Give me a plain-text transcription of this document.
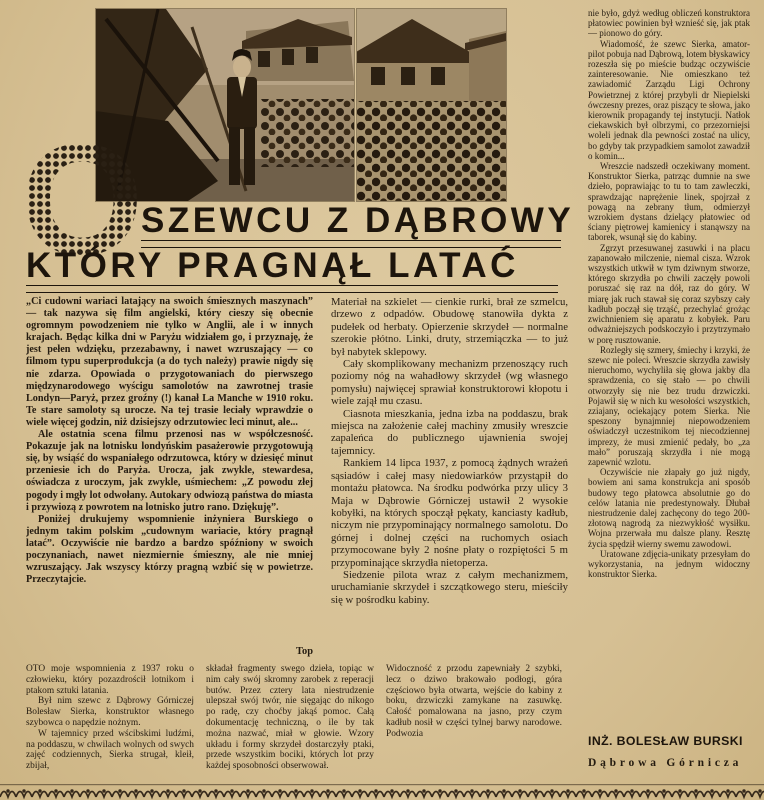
O
SZEWCU Z DĄBROWY
KTÓRY PRAGNĄŁ LATAĆ

„Ci cudowni wariaci latający na swoich śmiesznych maszynach” — tak nazywa się film angielski, który cieszy się obecnie ogromnym powodzeniem nie tylko w Anglii, ale i w innych krajach. Będąc kilka dni w Paryżu widziałem go, i przyznaję, że jest pełen wdzięku, przezabawny, i nawet wzruszający — co filmom typu superprodukcja (a do tych należy) prawie nigdy się nie zdarza. Opowiada o przygotowaniach do pierwszego międzynarodowego wyścigu samolotów na zawrotnej trasie Londyn—Paryż, przez groźny (!) kanał La Manche w 1910 roku. Te stare samoloty są urocze. Na tej trasie leciały wprawdzie o wiele więcej godzin, niż dzisiejszy odrzutowiec leci minut, ale...

Ale ostatnia scena filmu przenosi nas w współczesność. Pokazuje jak na lotnisku londyńskim pasażerowie przygotowują się, by wsiąść do wspaniałego odrzutowca, który w dziesięć minut przeniesie ich do Paryża. Urocza, jak zwykle, stewardesa, oświadcza z uroczym, jak zwykle, uśmiechem: „Z powodu złej pogody i mgły lot odwołany. Autokary odwiozą państwa do miasta i przywiozą z powrotem na lotnisko jutro rano. Dziękuję”.

Poniżej drukujemy wspomnienie inżyniera Burskiego o jednym takim polskim „cudownym wariacie, który pragnął latać”. Oczywiście nie bardzo a bardzo spóźniony w swoich poczynaniach, nawet niezmiernie śmieszny, ale nie mniej wzruszający. Jak wszyscy którzy pragną wzbić się w powietrze. Przeczytajcie.

Top

Materiał na szkielet — cienkie rurki, brał ze szmelcu, drzewo z odpadów. Obudowę stanowiła dykta z pudełek od herbaty. Opierzenie skrzydeł — normalne szerokie płótno. Linki, druty, strzemiączka — to już był nabytek sklepowy.

Cały skomplikowany mechanizm przenoszący ruch poziomy nóg na wahadłowy skrzydeł (wg własnego pomysłu) najwięcej sprawiał konstruktorowi kłopotu i wiele zajął mu czasu.

Ciasnota mieszkania, jedna izba na poddaszu, brak miejsca na założenie całej machiny zmusiły wreszcie zapaleńca do publicznego ujawnienia swojej tajemnicy.

Rankiem 14 lipca 1937, z pomocą żądnych wrażeń sąsiadów i całej masy niedowiarków przystąpił do montażu płatowca. Na środku podwórka przy ulicy 3 Maja w Dąbrowie Górniczej ustawił 2 wysokie kobyłki, na których spoczął pękaty, kanciasty kadłub, niczym nie przypominający normalnego samolotu. Do górnej i dolnej części na ruchomych osiach przymocowane były 2 nośne płaty o rozpiętości 5 m przypominające skrzydła nietoperza.

Siedzenie pilota wraz z całym mechanizmem, uruchamianie skrzydeł i szczątkowego steru, mieściły się w pośrodku kabiny.

OTO moje wspomnienia z 1937 roku o człowieku, który pozazdrościł lotnikom i ptakom sztuki latania.

Był nim szewc z Dąbrowy Górniczej Bolesław Sierka, konstruktor własnego szybowca o napędzie nożnym.

W tajemnicy przed wścibskimi ludźmi, na poddaszu, w chwilach wolnych od swych zajęć codziennych, Sierka strugał, kleił, zbijał,

składał fragmenty swego dzieła, topiąc w nim cały swój skromny zarobek z reperacji butów. Przez cztery lata niestrudzenie ulepszał swój twór, nie sięgając do nikogo po radę, czy choćby jakąś pomoc. Całą dokumentację techniczną, o ile by tak można nazwać, miał w głowie. Wzory układu i formy skrzydeł dostarczyły ptaki, przede wszystkim bociki, których lot przy każdej sposobności obserwował.

Widoczność z przodu zapewniały 2 szybki, lecz o dziwo brakowało podłogi, góra częściowo była otwarta, wejście do kabiny z boku, drzwiczki zamykane na zasuwkę. Całość pomalowana na jasno, przy czym kadłub nosił w części tylnej barwy narodowe. Podwozia

nie było, gdyż według obliczeń konstruktora płatowiec powinien był wznieść się, jak ptak — pionowo do góry.

Wiadomość, że szewc Sierka, amator-pilot pobuja nad Dąbrową, lotem błyskawicy rozeszła się po mieście budząc oczywiście zainteresowanie. Nie omieszkano też zawiadomić Zarządu Ligi Ochrony Powietrznej z której przybyli dr Niepielski ówczesny prezes, oraz piszący te słowa, jako kierownik propagandy tej instytucji. Natłok ciekawskich był olbrzymi, co przezorniejsi woleli jednak dla pewności zostać na ulicy, bo gdyby tak przypadkiem samolot zawadził o komin...

Wreszcie nadszedł oczekiwany moment. Konstruktor Sierka, patrząc dumnie na swe dzieło, poprawiając to tu to tam zawleczki, sprawdzając naprężenie linek, spojrzał z powagą na zebrany tłum, odmierzył wzrokiem dystans dzielący płatowiec od ściany piętrowej kamienicy i stanąwszy na taborek, wsunął się do kabiny.

Zgrzyt przesuwanej zasuwki i na placu zapanowało milczenie, niemal cisza. Wzrok wszystkich utkwił w tym dziwnym stworze, którego skrzydła po chwili zaczęły powoli poruszać się raz na dół, raz do góry. W miarę jak ruch stawał się coraz szybszy cały kadłub począł się trząść, przechylać grożąc zwichnieniem się aparatu z kobyłek. Paru odważniejszych podskoczyło i przytrzymało w porę rusztowanie.

Rozległy się szmery, śmiechy i krzyki, że szewc nie poleci. Wreszcie skrzydła zawisły nieruchomo, wychyliła się głowa jakby dla sprawdzenia, co się stało — po chwili otworzyły się nie bez trudu drzwiczki. Pojawił się w nich ku wesołości wszystkich, zziajany, ociekający potem Sierka. Nie speszony bynajmniej niepowodzeniem oświadczył uczestnikom tej niecodziennej imprezy, że musi zmienić pedały, bo „za mało” poruszają skrzydła i nie mogą zapewnić wzlotu.

Oczywiście nie złapały go już nigdy, bowiem ani sama konstrukcja ani sposób budowy tego płatowca absolutnie go do celów latania nie predestynowały. Dłubał niestrudzenie dalej zachęcony do tego 200-złotową nagrodą za niezwykłość wysiłku. Wojna przerwała mu dalsze plany. Resztę życia spędził wierny swemu zawodowi.

Uratowane zdjęcia-unikaty przesyłam do wykorzystania, na jednym widoczny konstruktor Sierka.

INŻ. BOLESŁAW BURSKI

Dąbrowa Górnicza
